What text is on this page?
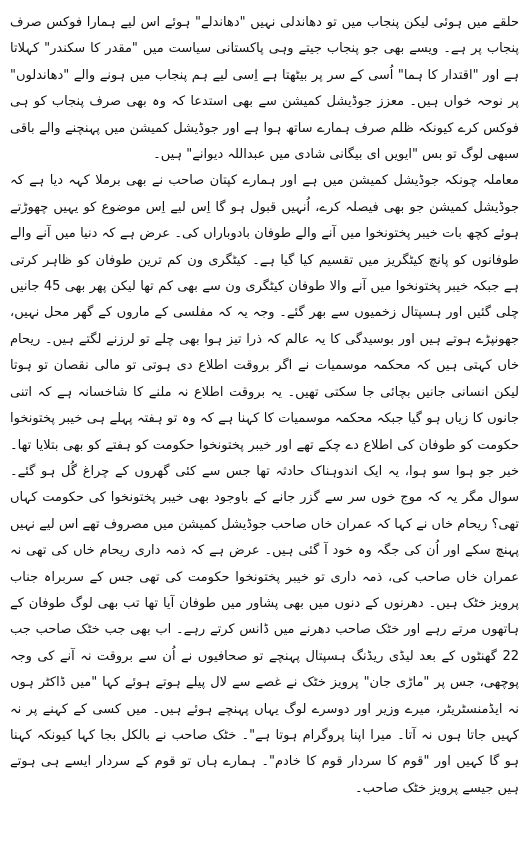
حلقے میں ہوئی لیکن پنجاب میں تو دھاندلی نہیں "دھاندلے" ہوئے اس لیے ہمارا فوکس صرف پنجاب پر ہے۔ ویسے بھی جو پنجاب جیتے وہی پاکستانی سیاست میں "مقدر کا سکندر" کہلاتا ہے اور "اقتدار کا ہما" اُسی کے سر پر بیٹھتا ہے اِسی لیے ہم پنجاب میں ہونے والے "دھاندلوں" پر نوحہ خواں ہیں۔ معزز جوڈیشل کمیشن سے بھی استدعا کہ وہ بھی صرف پنجاب کو ہی فوکس کرے کیونکہ ظلم صرف ہمارے ساتھ ہوا ہے اور جوڈیشل کمیشن میں پہنچنے والے باقی سبھی لوگ تو بس "ایویں ای بیگانی شادی میں عبداللہ دیوانے" ہیں۔

معاملہ چونکہ جوڈیشل کمیشن میں ہے اور ہمارے کپتان صاحب نے بھی برملا کہہ دیا ہے کہ جوڈیشل کمیشن جو بھی فیصلہ کرے، اُنہیں قبول ہو گا اِس لیے اِس موضوع کو یہیں چھوڑتے ہوئے کچھ بات خیبر پختونخوا میں آنے والے طوفان بادوباراں کی۔ عرض ہے کہ دنیا میں آنے والے طوفانوں کو پانچ کیٹگریز میں تقسیم کیا گیا ہے۔ کیٹگری ون کم ترین طوفان کو ظاہر کرتی ہے جبکہ خیبر پختونخوا میں آنے والا طوفان کیٹگری ون سے بھی کم تھا لیکن پھر بھی 45 جانیں چلی گئیں اور ہسپتال زخمیوں سے بھر گئے۔ وجہ یہ کہ مفلسی کے ماروں کے گھر محل نہیں، جھونپڑے ہوتے ہیں اور بوسیدگی کا یہ عالم کہ ذرا تیز ہوا بھی چلے تو لرزنے لگتے ہیں۔ ریحام خاں کہتی ہیں کہ محکمہ موسمیات نے اگر بروقت اطلاع دی ہوتی تو مالی نقصان تو ہوتا لیکن انسانی جانیں بچائی جا سکتی تھیں۔ یہ بروقت اطلاع نہ ملنے کا شاخسانہ ہے کہ اتنی جانوں کا زیاں ہو گیا جبکہ محکمہ موسمیات کا کہنا ہے کہ وہ تو ہفتہ پہلے ہی خیبر پختونخوا حکومت کو طوفان کی اطلاع دے چکے تھے اور خیبر پختونخوا حکومت کو ہفتے کو بھی بتلایا تھا۔ خیر جو ہوا سو ہوا، یہ ایک اندوہناک حادثہ تھا جس سے کئی گھروں کے چراغ گُل ہو گئے۔ سوال مگر یہ کہ موج خوں سر سے گزر جانے کے باوجود بھی خیبر پختونخوا کی حکومت کہاں تھی؟ ریحام خاں نے کہا کہ عمران خاں صاحب جوڈیشل کمیشن میں مصروف تھے اس لیے نہیں پہنچ سکے اور اُن کی جگہ وہ خود آ گئی ہیں۔ عرض ہے کہ ذمہ داری ریحام خاں کی تھی نہ عمران خاں صاحب کی، ذمہ داری تو خیبر پختونخوا حکومت کی تھی جس کے سربراہ جناب پرویز خٹک ہیں۔ دھرنوں کے دنوں میں بھی پشاور میں طوفان آیا تھا تب بھی لوگ طوفان کے ہاتھوں مرتے رہے اور خٹک صاحب دھرنے میں ڈانس کرتے رہے۔ اب بھی جب خٹک صاحب جب 22 گھنٹوں کے بعد لیڈی ریڈنگ ہسپتال پہنچے تو صحافیوں نے اُن سے بروقت نہ آنے کی وجہ پوچھی، جس پر "ماڑی جان" پرویز خٹک نے غصے سے لال پیلے ہوتے ہوئے کہا "میں ڈاکٹر ہوں نہ ایڈمنسٹریٹر، میرے وزیر اور دوسرے لوگ یہاں پہنچے ہوئے ہیں۔ میں کسی کے کہنے پر نہ کہیں جاتا ہوں نہ آتا۔ میرا اپنا پروگرام ہوتا ہے"۔ خٹک صاحب نے بالکل بجا کہا کیونکہ کہنا ہو گا کہیں اور "قوم کا سردار قوم کا خادم"۔ ہمارے ہاں تو قوم کے سردار ایسے ہی ہوتے ہیں جیسے پرویز خٹک صاحب۔
